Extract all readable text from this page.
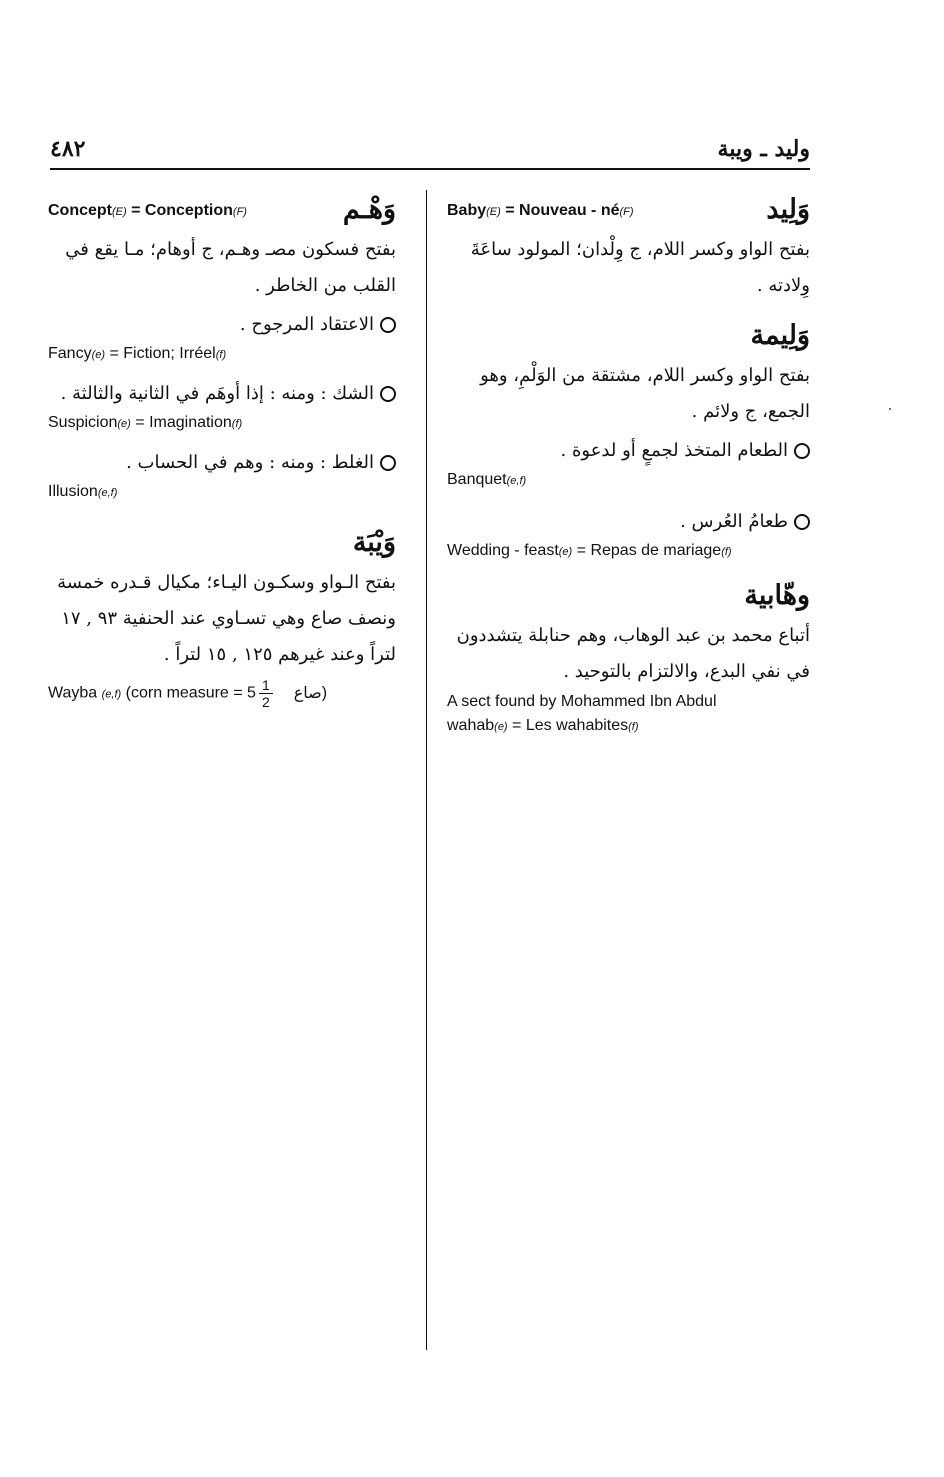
٤٨٢	وليد ـ ويبة
وَلِيد
Baby(E) = Nouveau - né(F)
بفتح الواو وكسر اللام، ج وِلْدان؛ المولود ساعَةَ وِلادته .
وَلِيمة
بفتح الواو وكسر اللام، مشتقة من الوَلْمِ، وهو الجمع، ج ولائم .
الطعام المتخذ لجمعٍ أو لدعوة .
Banquet(e,f)
طعامُ العُرس .
Wedding - feast(e) = Repas de mariage(f)
وهّابية
أتباع محمد بن عبد الوهاب، وهم حنابلة يتشددون في نفي البدع، والالتزام بالتوحيد .
A sect found by Mohammed Ibn Abdul
wahab(e) = Les wahabites(f)
وَهْـم
Concept(E) = Conception(F)
بفتح فسكون مصـ وهـم، ج أوهام؛ مـا يقع في القلب من الخاطر .
الاعتقاد المرجوح .
Fancy(e) = Fiction; Irréel(f)
الشك : ومنه : إذا أوهَم في الثانية والثالثة .
Suspicion(e) = Imagination(f)
الغلط : ومنه : وهم في الحساب .
Illusion(e,f)
وَيْبَة
بفتح الـواو وسكـون اليـاء؛ مكيال قـدره خمسة ونصف صاع وهي تسـاوي عند الحنفية ٩٣ , ١٧ لتراً وعند غيرهم ١٢٥ , ١٥ لتراً .
Wayba (e,f) (corn measure = $5 \frac{1}{2}$ صاع)
